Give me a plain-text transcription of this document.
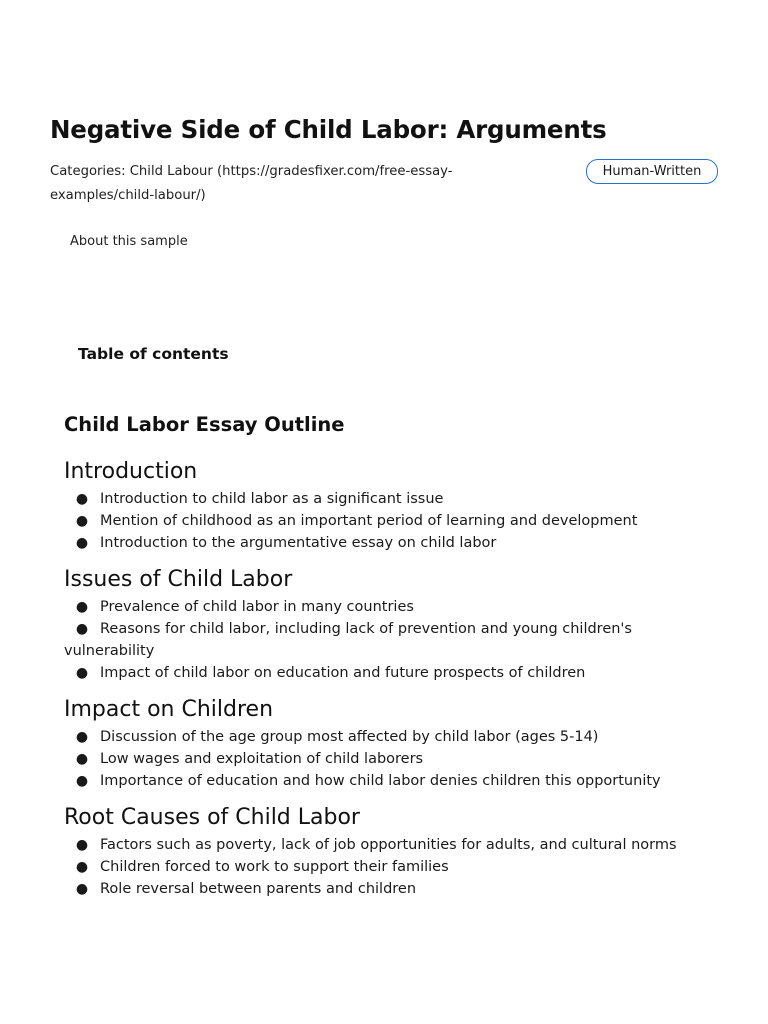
Negative Side of Child Labor: Arguments
Categories: Child Labour (https://gradesfixer.com/free-essay-examples/child-labour/)
Human-Written
About this sample
Table of contents
Child Labor Essay Outline
Introduction
● Introduction to child labor as a significant issue
● Mention of childhood as an important period of learning and development
● Introduction to the argumentative essay on child labor
Issues of Child Labor
● Prevalence of child labor in many countries
● Reasons for child labor, including lack of prevention and young children's vulnerability
● Impact of child labor on education and future prospects of children
Impact on Children
● Discussion of the age group most affected by child labor (ages 5-14)
● Low wages and exploitation of child laborers
● Importance of education and how child labor denies children this opportunity
Root Causes of Child Labor
● Factors such as poverty, lack of job opportunities for adults, and cultural norms
● Children forced to work to support their families
● Role reversal between parents and children
